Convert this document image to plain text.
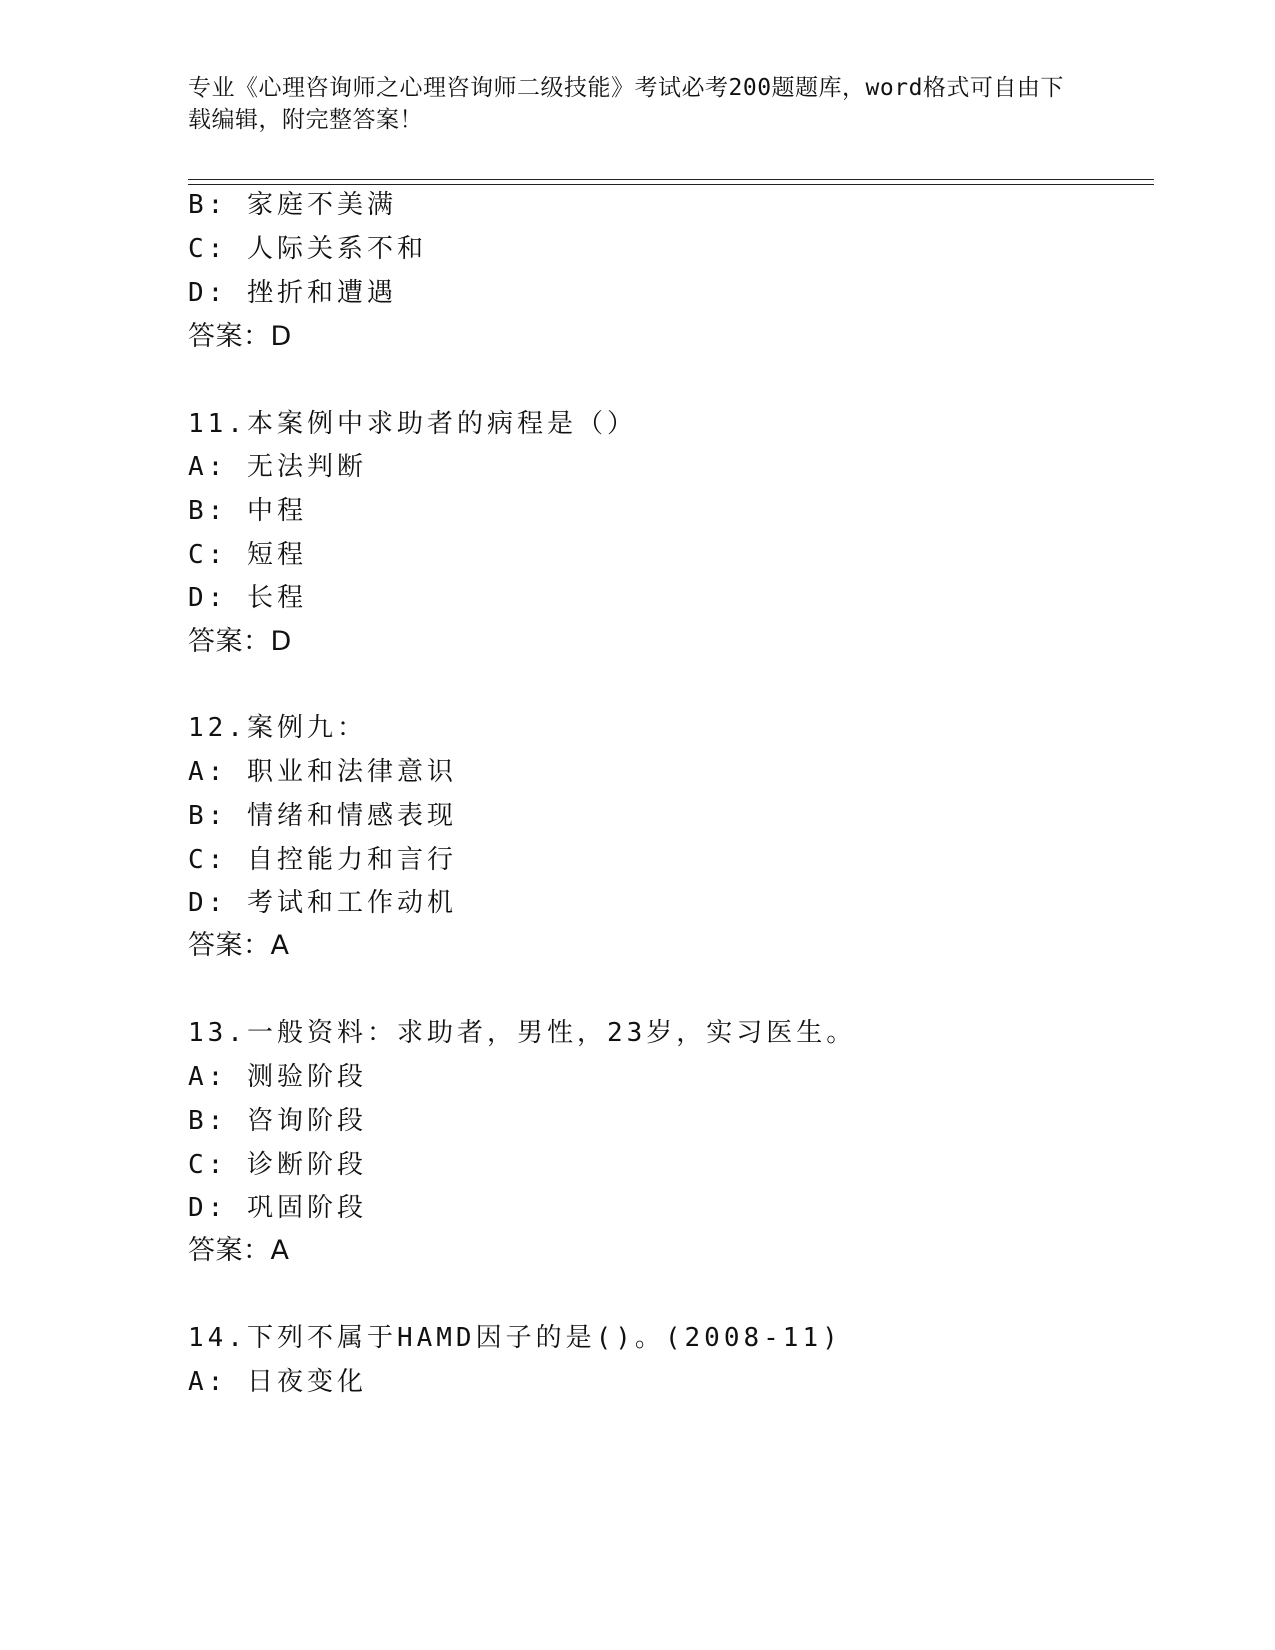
专业《心理咨询师之心理咨询师二级技能》考试必考200题题库，word格式可自由下载编辑，附完整答案！
B: 家庭不美满
C: 人际关系不和
D: 挫折和遭遇
答案：D
11.本案例中求助者的病程是（）
A: 无法判断
B: 中程
C: 短程
D: 长程
答案：D
12.案例九：
A: 职业和法律意识
B: 情绪和情感表现
C: 自控能力和言行
D: 考试和工作动机
答案：A
13.一般资料：求助者，男性，23岁，实习医生。
A: 测验阶段
B: 咨询阶段
C: 诊断阶段
D: 巩固阶段
答案：A
14.下列不属于HAMD因子的是()。(2008-11)
A: 日夜变化
